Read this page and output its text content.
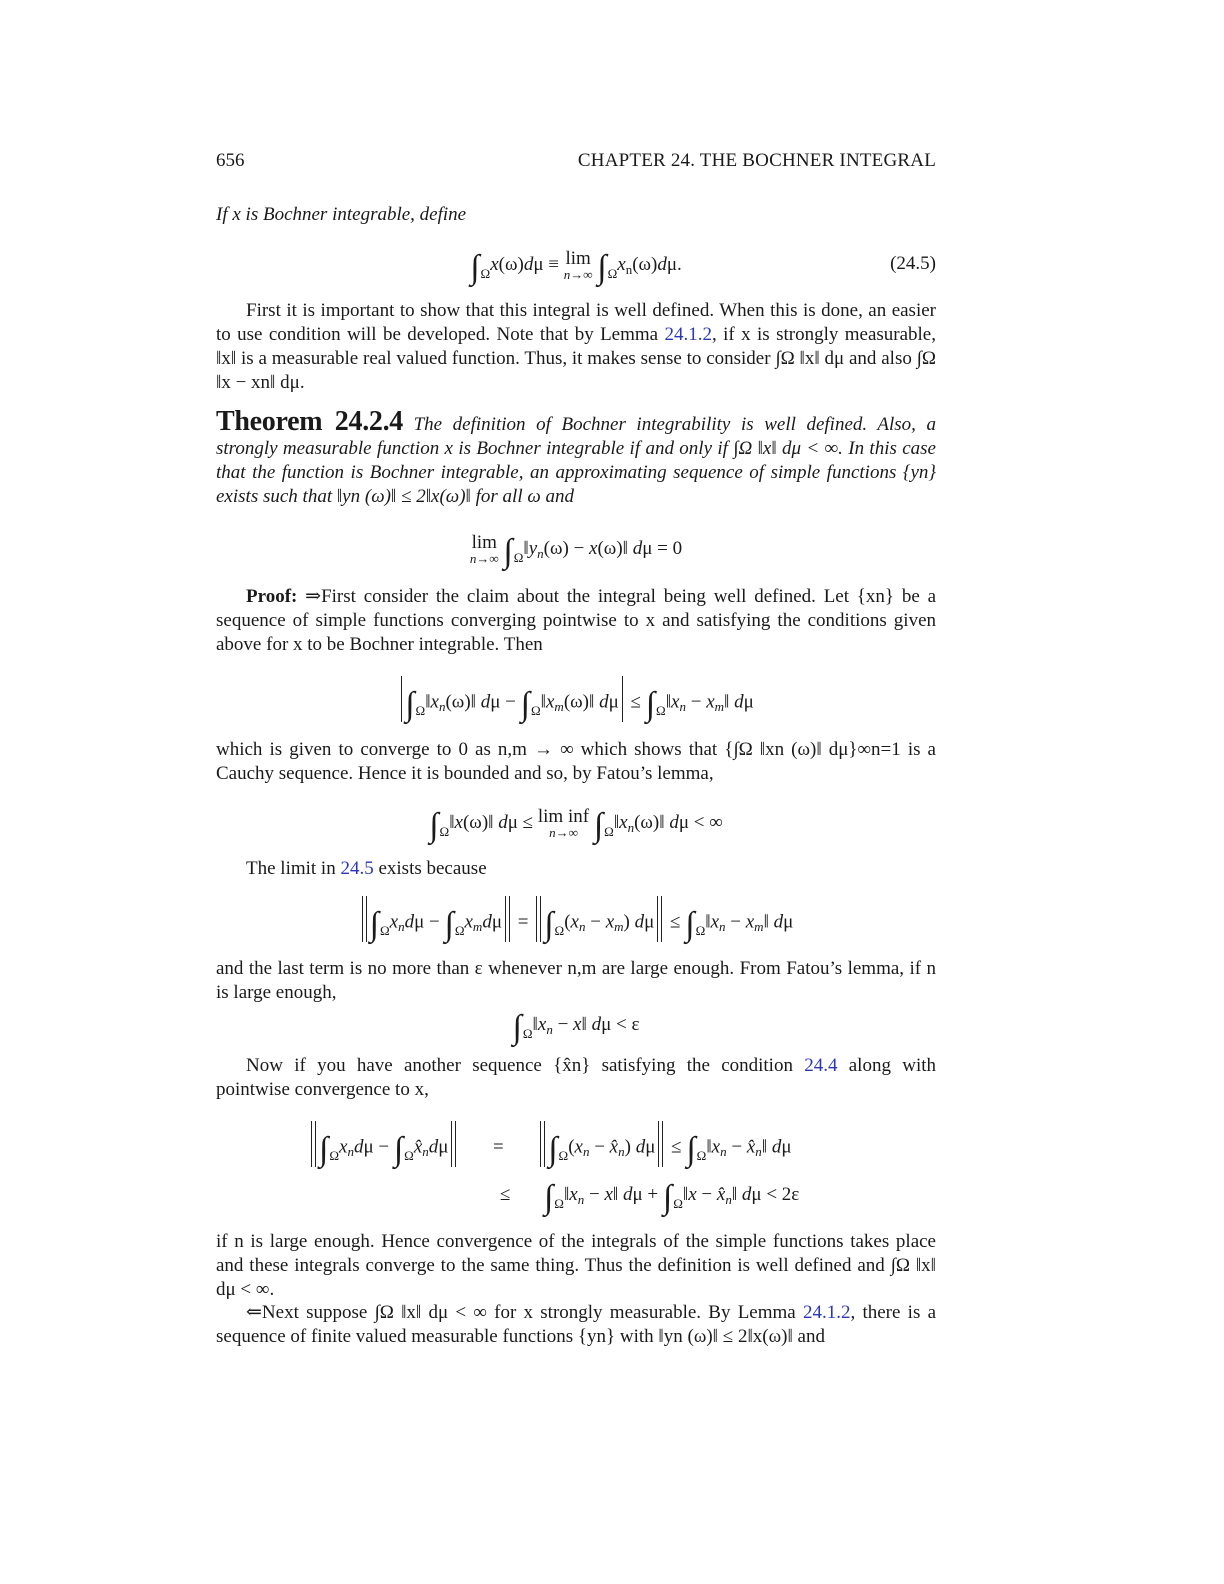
656	CHAPTER 24. THE BOCHNER INTEGRAL

If x is Bochner integrable, define

$\int_\Omega x(\omega)d\mu \equiv \lim$
n→∞ $\int_\Omega x_n(\omega)d\mu$.	(24.5)

First it is important to show that this integral is well defined. When this is done, an easier to use condition will be developed. Note that by Lemma 24.1.2, if x is strongly measurable, ‖x‖ is a measurable real valued function. Thus, it makes sense to consider ∫Ω ‖x‖ dμ and also ∫Ω ‖x − xn‖ dμ.

Theorem 24.2.4 The definition of Bochner integrability is well defined. Also, a strongly measurable function x is Bochner integrable if and only if ∫Ω ‖x‖ dμ < ∞. In this case that the function is Bochner integrable, an approximating sequence of simple functions {yn} exists such that ‖yn (ω)‖ ≤ 2‖x(ω)‖ for all ω and

lim
n→∞ $\int_\Omega‖y_n(\omega)$ − x(ω)‖ dμ = 0

Proof: ⇒First consider the claim about the integral being well defined. Let {xn} be a sequence of simple functions converging pointwise to x and satisfying the conditions given above for x to be Bochner integrable. Then

$\int_\Omega‖x_n(\omega)‖$ $d\mu - \int_\Omega‖x_m(\omega)‖$ $d\mu \le \int_\Omega‖x_n$ − $x_m‖$ dμ

which is given to converge to 0 as n,m → ∞ which shows that {∫Ω ‖xn (ω)‖ dμ}∞n=1 is a Cauchy sequence. Hence it is bounded and so, by Fatou’s lemma,

$\int_\Omega‖x(\omega)‖$ dμ ≤ lim inf
n→∞ $\int_\Omega‖x_n(\omega)‖$ dμ < ∞

The limit in 24.5 exists because

$\int_\Omega x_nd\mu - \int_\Omega x_md\mu = \int_\Omega(x_n - x_m) d\mu$ ≤ $\int_\Omega‖x_n$ − $x_m‖$ dμ

and the last term is no more than ε whenever n,m are large enough. From Fatou’s lemma, if n is large enough,

$\int_\Omega‖x_n$ − x‖ dμ < ε

Now if you have another sequence {x̂n} satisfying the condition 24.4 along with pointwise convergence to x,

$\int_\Omega x_nd\mu$ − $\int_\Omega x̂_nd\mu = \int_\Omega(x_n$ − $x̂_n$) $d\mu \le \int_\Omega‖x_n$ − $x̂_n‖$ dμ
≤  $\int_\Omega‖x_n$ − x‖ $d\mu + \int_\Omega‖x$ − $x̂_n‖$ dμ < 2ε

if n is large enough. Hence convergence of the integrals of the simple functions takes place and these integrals converge to the same thing. Thus the definition is well defined and ∫Ω ‖x‖ dμ < ∞.

⇐Next suppose ∫Ω ‖x‖ dμ < ∞ for x strongly measurable. By Lemma 24.1.2, there is a sequence of finite valued measurable functions {yn} with ‖yn (ω)‖ ≤ 2‖x(ω)‖ and
